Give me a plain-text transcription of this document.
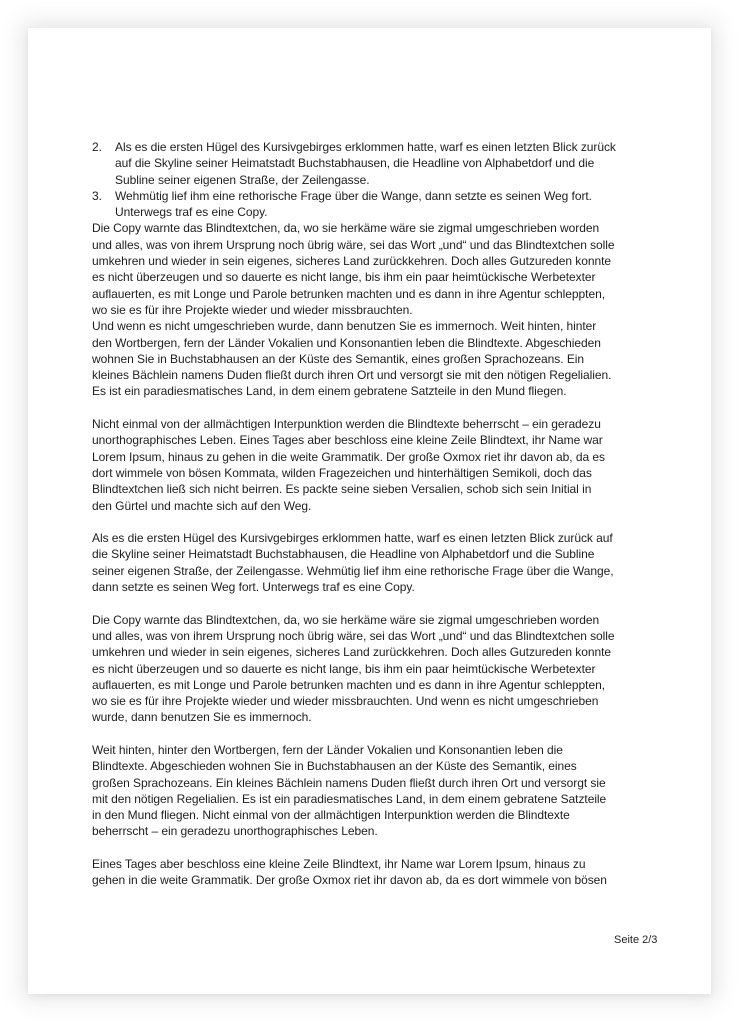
2.	Als es die ersten Hügel des Kursivgebirges erklommen hatte, warf es einen letzten Blick zurück
auf die Skyline seiner Heimatstadt Buchstabhausen, die Headline von Alphabetdorf und die
Subline seiner eigenen Straße, der Zeilengasse.
3.	Wehmütig lief ihm eine rethorische Frage über die Wange, dann setzte es seinen Weg fort.
Unterwegs traf es eine Copy.
Die Copy warnte das Blindtextchen, da, wo sie herkäme wäre sie zigmal umgeschrieben worden
und alles, was von ihrem Ursprung noch übrig wäre, sei das Wort „und“ und das Blindtextchen solle
umkehren und wieder in sein eigenes, sicheres Land zurückkehren. Doch alles Gutzureden konnte
es nicht überzeugen und so dauerte es nicht lange, bis ihm ein paar heimtückische Werbetexter
auflauerten, es mit Longe und Parole betrunken machten und es dann in ihre Agentur schleppten,
wo sie es für ihre Projekte wieder und wieder missbrauchten.
Und wenn es nicht umgeschrieben wurde, dann benutzen Sie es immernoch. Weit hinten, hinter
den Wortbergen, fern der Länder Vokalien und Konsonantien leben die Blindtexte. Abgeschieden
wohnen Sie in Buchstabhausen an der Küste des Semantik, eines großen Sprachozeans. Ein
kleines Bächlein namens Duden fließt durch ihren Ort und versorgt sie mit den nötigen Regelialien.
Es ist ein paradiesmatisches Land, in dem einem gebratene Satzteile in den Mund fliegen.
Nicht einmal von der allmächtigen Interpunktion werden die Blindtexte beherrscht – ein geradezu
unorthographisches Leben. Eines Tages aber beschloss eine kleine Zeile Blindtext, ihr Name war
Lorem Ipsum, hinaus zu gehen in die weite Grammatik. Der große Oxmox riet ihr davon ab, da es
dort wimmele von bösen Kommata, wilden Fragezeichen und hinterhältigen Semikoli, doch das
Blindtextchen ließ sich nicht beirren. Es packte seine sieben Versalien, schob sich sein Initial in
den Gürtel und machte sich auf den Weg.
Als es die ersten Hügel des Kursivgebirges erklommen hatte, warf es einen letzten Blick zurück auf
die Skyline seiner Heimatstadt Buchstabhausen, die Headline von Alphabetdorf und die Subline
seiner eigenen Straße, der Zeilengasse. Wehmütig lief ihm eine rethorische Frage über die Wange,
dann setzte es seinen Weg fort. Unterwegs traf es eine Copy.
Die Copy warnte das Blindtextchen, da, wo sie herkäme wäre sie zigmal umgeschrieben worden
und alles, was von ihrem Ursprung noch übrig wäre, sei das Wort „und“ und das Blindtextchen solle
umkehren und wieder in sein eigenes, sicheres Land zurückkehren. Doch alles Gutzureden konnte
es nicht überzeugen und so dauerte es nicht lange, bis ihm ein paar heimtückische Werbetexter
auflauerten, es mit Longe und Parole betrunken machten und es dann in ihre Agentur schleppten,
wo sie es für ihre Projekte wieder und wieder missbrauchten. Und wenn es nicht umgeschrieben
wurde, dann benutzen Sie es immernoch.
Weit hinten, hinter den Wortbergen, fern der Länder Vokalien und Konsonantien leben die
Blindtexte. Abgeschieden wohnen Sie in Buchstabhausen an der Küste des Semantik, eines
großen Sprachozeans. Ein kleines Bächlein namens Duden fließt durch ihren Ort und versorgt sie
mit den nötigen Regelialien. Es ist ein paradiesmatisches Land, in dem einem gebratene Satzteile
in den Mund fliegen. Nicht einmal von der allmächtigen Interpunktion werden die Blindtexte
beherrscht – ein geradezu unorthographisches Leben.
Eines Tages aber beschloss eine kleine Zeile Blindtext, ihr Name war Lorem Ipsum, hinaus zu
gehen in die weite Grammatik. Der große Oxmox riet ihr davon ab, da es dort wimmele von bösen
Seite 2/3
